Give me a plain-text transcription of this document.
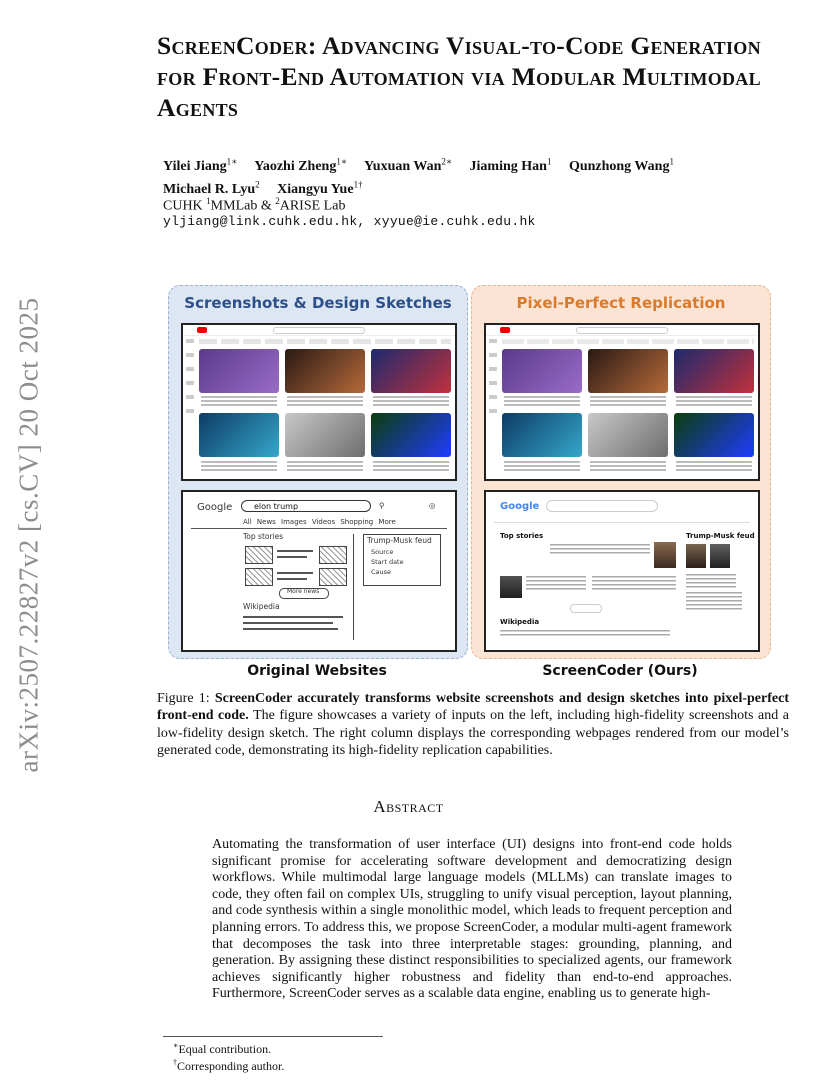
arXiv:2507.22827v2 [cs.CV] 20 Oct 2025
ScreenCoder: Advancing Visual-to-Code Generation for Front-End Automation via Modular Multimodal Agents
Yilei Jiang$^{1∗}$ Yaozhi Zheng$^{1∗}$ Yuxuan Wan$^{2∗}$ Jiaming Han$^1$ Qunzhong Wang$^1$
Michael R. Lyu$^2$ Xiangyu Yue$^{1\dagger}$
CUHK $^1$MMLab & $^2$ARISE Lab
yljiang@link.cuhk.edu.hk, xyyue@ie.cuhk.edu.hk
Screenshots & Design Sketches
Google	elon trump	⚲	◎
All News Images Videos Shopping More
Top stories
More news
Wikipedia
Trump-Musk feud
Source
Start date
Cause
Pixel-Perfect Replication
Google
Top stories
Wikipedia
Trump-Musk feud
Original Websites	ScreenCoder (Ours)

Figure 1: ScreenCoder accurately transforms website screenshots and design sketches into pixel-perfect front-end code. The figure showcases a variety of inputs on the left, including high-fidelity screenshots and a low-fidelity design sketch. The right column displays the corresponding webpages rendered from our model’s generated code, demonstrating its high-fidelity replication capabilities.

Abstract

Automating the transformation of user interface (UI) designs into front-end code holds significant promise for accelerating software development and democratizing design workflows. While multimodal large language models (MLLMs) can translate images to code, they often fail on complex UIs, struggling to unify visual perception, layout planning, and code synthesis within a single monolithic model, which leads to frequent perception and planning errors. To address this, we propose ScreenCoder, a modular multi-agent framework that decomposes the task into three interpretable stages: grounding, planning, and generation. By assigning these distinct responsibilities to specialized agents, our framework achieves significantly higher robustness and fidelity than end-to-end approaches. Furthermore, ScreenCoder serves as a scalable data engine, enabling us to generate high-

∗Equal contribution.
†Corresponding author.
